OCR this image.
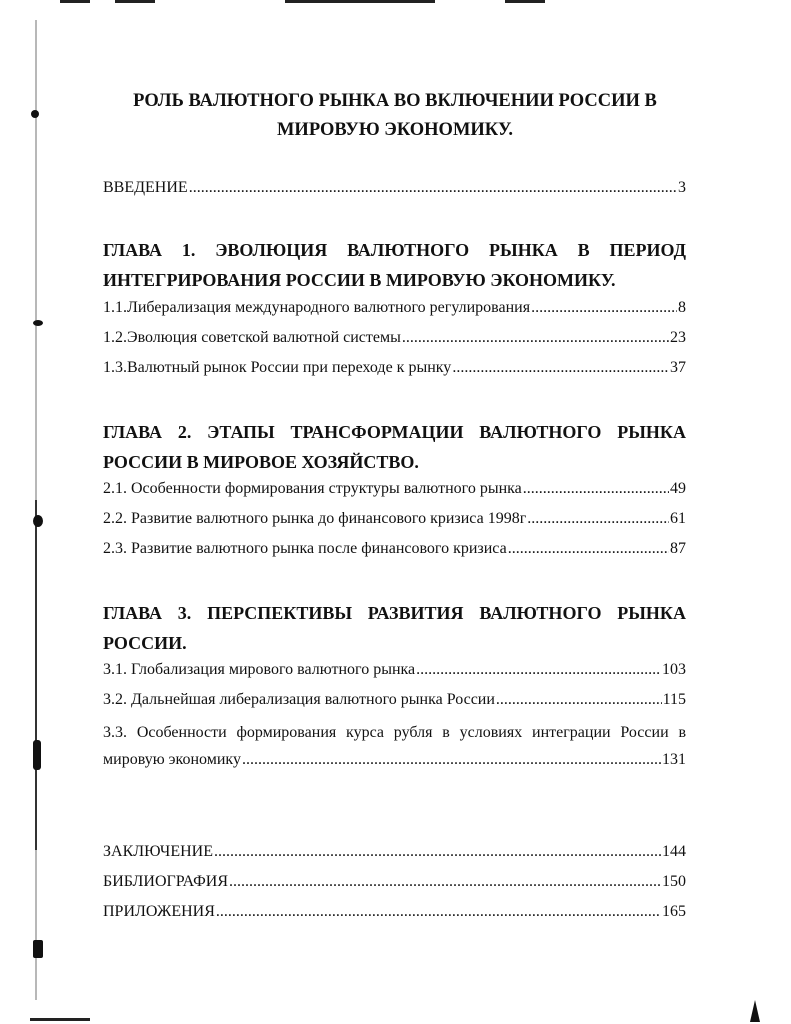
РОЛЬ ВАЛЮТНОГО РЫНКА ВО ВКЛЮЧЕНИИ РОССИИ В
МИРОВУЮ ЭКОНОМИКУ.
ВВЕДЕНИЕ .....	3
ГЛАВА 1. ЭВОЛЮЦИЯ ВАЛЮТНОГО РЫНКА В ПЕРИОД
ИНТЕГРИРОВАНИЯ РОССИИ В МИРОВУЮ ЭКОНОМИКУ.
1.1.Либерализация международного валютного регулирования .....	8
1.2.Эволюция советской валютной системы .....	23
1.3.Валютный рынок России при переходе к рынку .....	37
ГЛАВА 2. ЭТАПЫ ТРАНСФОРМАЦИИ ВАЛЮТНОГО РЫНКА
РОССИИ В МИРОВОЕ ХОЗЯЙСТВО.
2.1. Особенности формирования структуры валютного рынка .....	49
2.2. Развитие валютного рынка до финансового кризиса 1998г .....	61
2.3. Развитие валютного рынка после финансового кризиса .....	87
ГЛАВА 3. ПЕРСПЕКТИВЫ РАЗВИТИЯ ВАЛЮТНОГО РЫНКА
РОССИИ.
3.1. Глобализация мирового валютного рынка .....	103
3.2. Дальнейшая либерализация валютного рынка России .....	115
3.3. Особенности формирования курса рубля в условиях интеграции России в
мировую экономику .....	131
ЗАКЛЮЧЕНИЕ .....	144
БИБЛИОГРАФИЯ .....	150
ПРИЛОЖЕНИЯ .....	165
